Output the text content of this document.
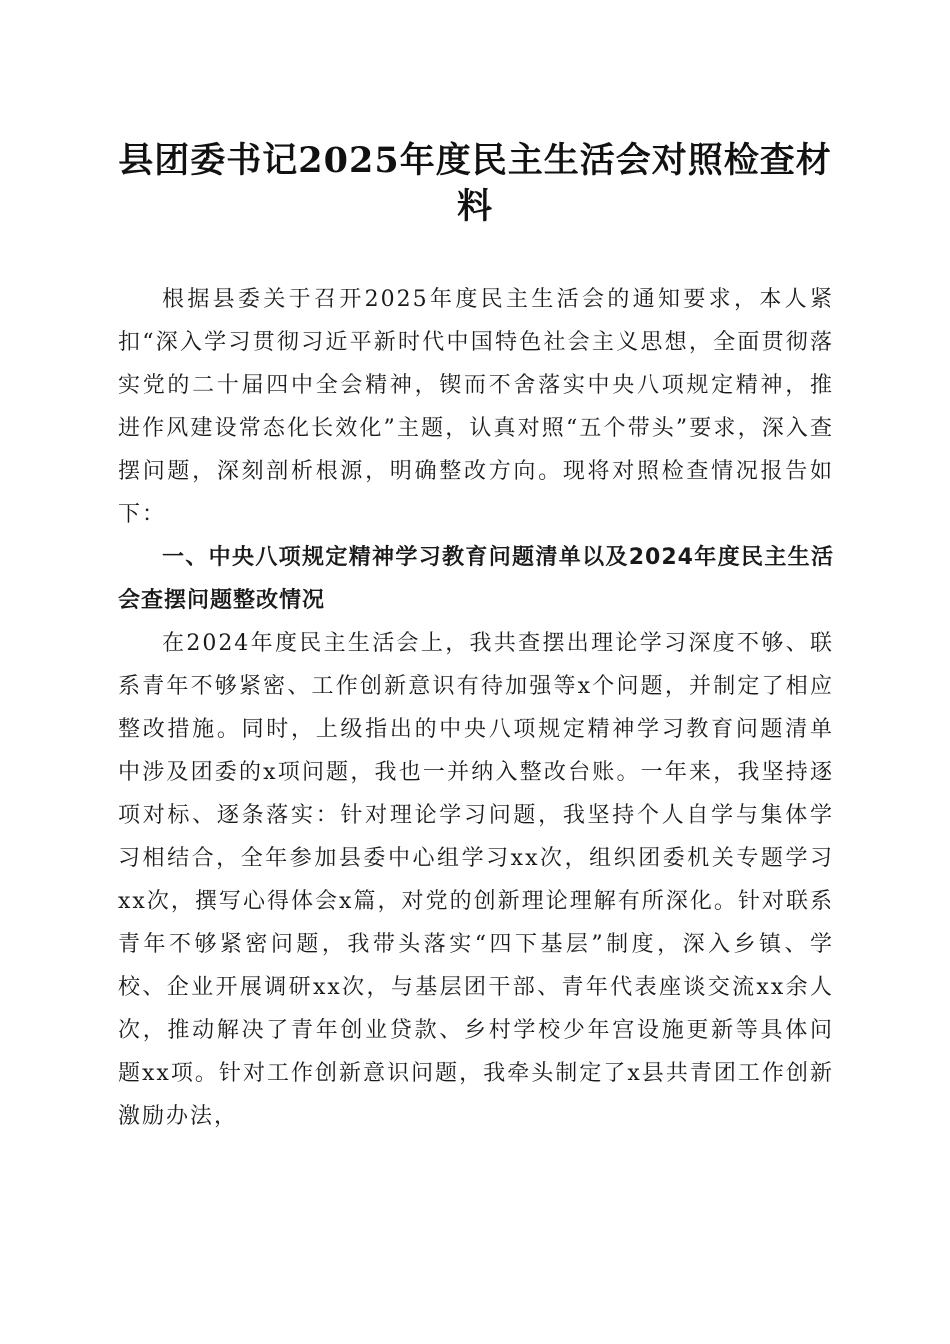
县团委书记2025年度民主生活会对照检查材料

根据县委关于召开2025年度民主生活会的通知要求，本人紧扣“深入学习贯彻习近平新时代中国特色社会主义思想，全面贯彻落实党的二十届四中全会精神，锲而不舍落实中央八项规定精神，推进作风建设常态化长效化”主题，认真对照“五个带头”要求，深入查摆问题，深刻剖析根源，明确整改方向。现将对照检查情况报告如下：

一、中央八项规定精神学习教育问题清单以及2024年度民主生活会查摆问题整改情况

在2024年度民主生活会上，我共查摆出理论学习深度不够、联系青年不够紧密、工作创新意识有待加强等x个问题，并制定了相应整改措施。同时，上级指出的中央八项规定精神学习教育问题清单中涉及团委的x项问题，我也一并纳入整改台账。一年来，我坚持逐项对标、逐条落实：针对理论学习问题，我坚持个人自学与集体学习相结合，全年参加县委中心组学习xx次，组织团委机关专题学习xx次，撰写心得体会x篇，对党的创新理论理解有所深化。针对联系青年不够紧密问题，我带头落实“四下基层”制度，深入乡镇、学校、企业开展调研xx次，与基层团干部、青年代表座谈交流xx余人次，推动解决了青年创业贷款、乡村学校少年宫设施更新等具体问题xx项。针对工作创新意识问题，我牵头制定了x县共青团工作创新激励办法，
